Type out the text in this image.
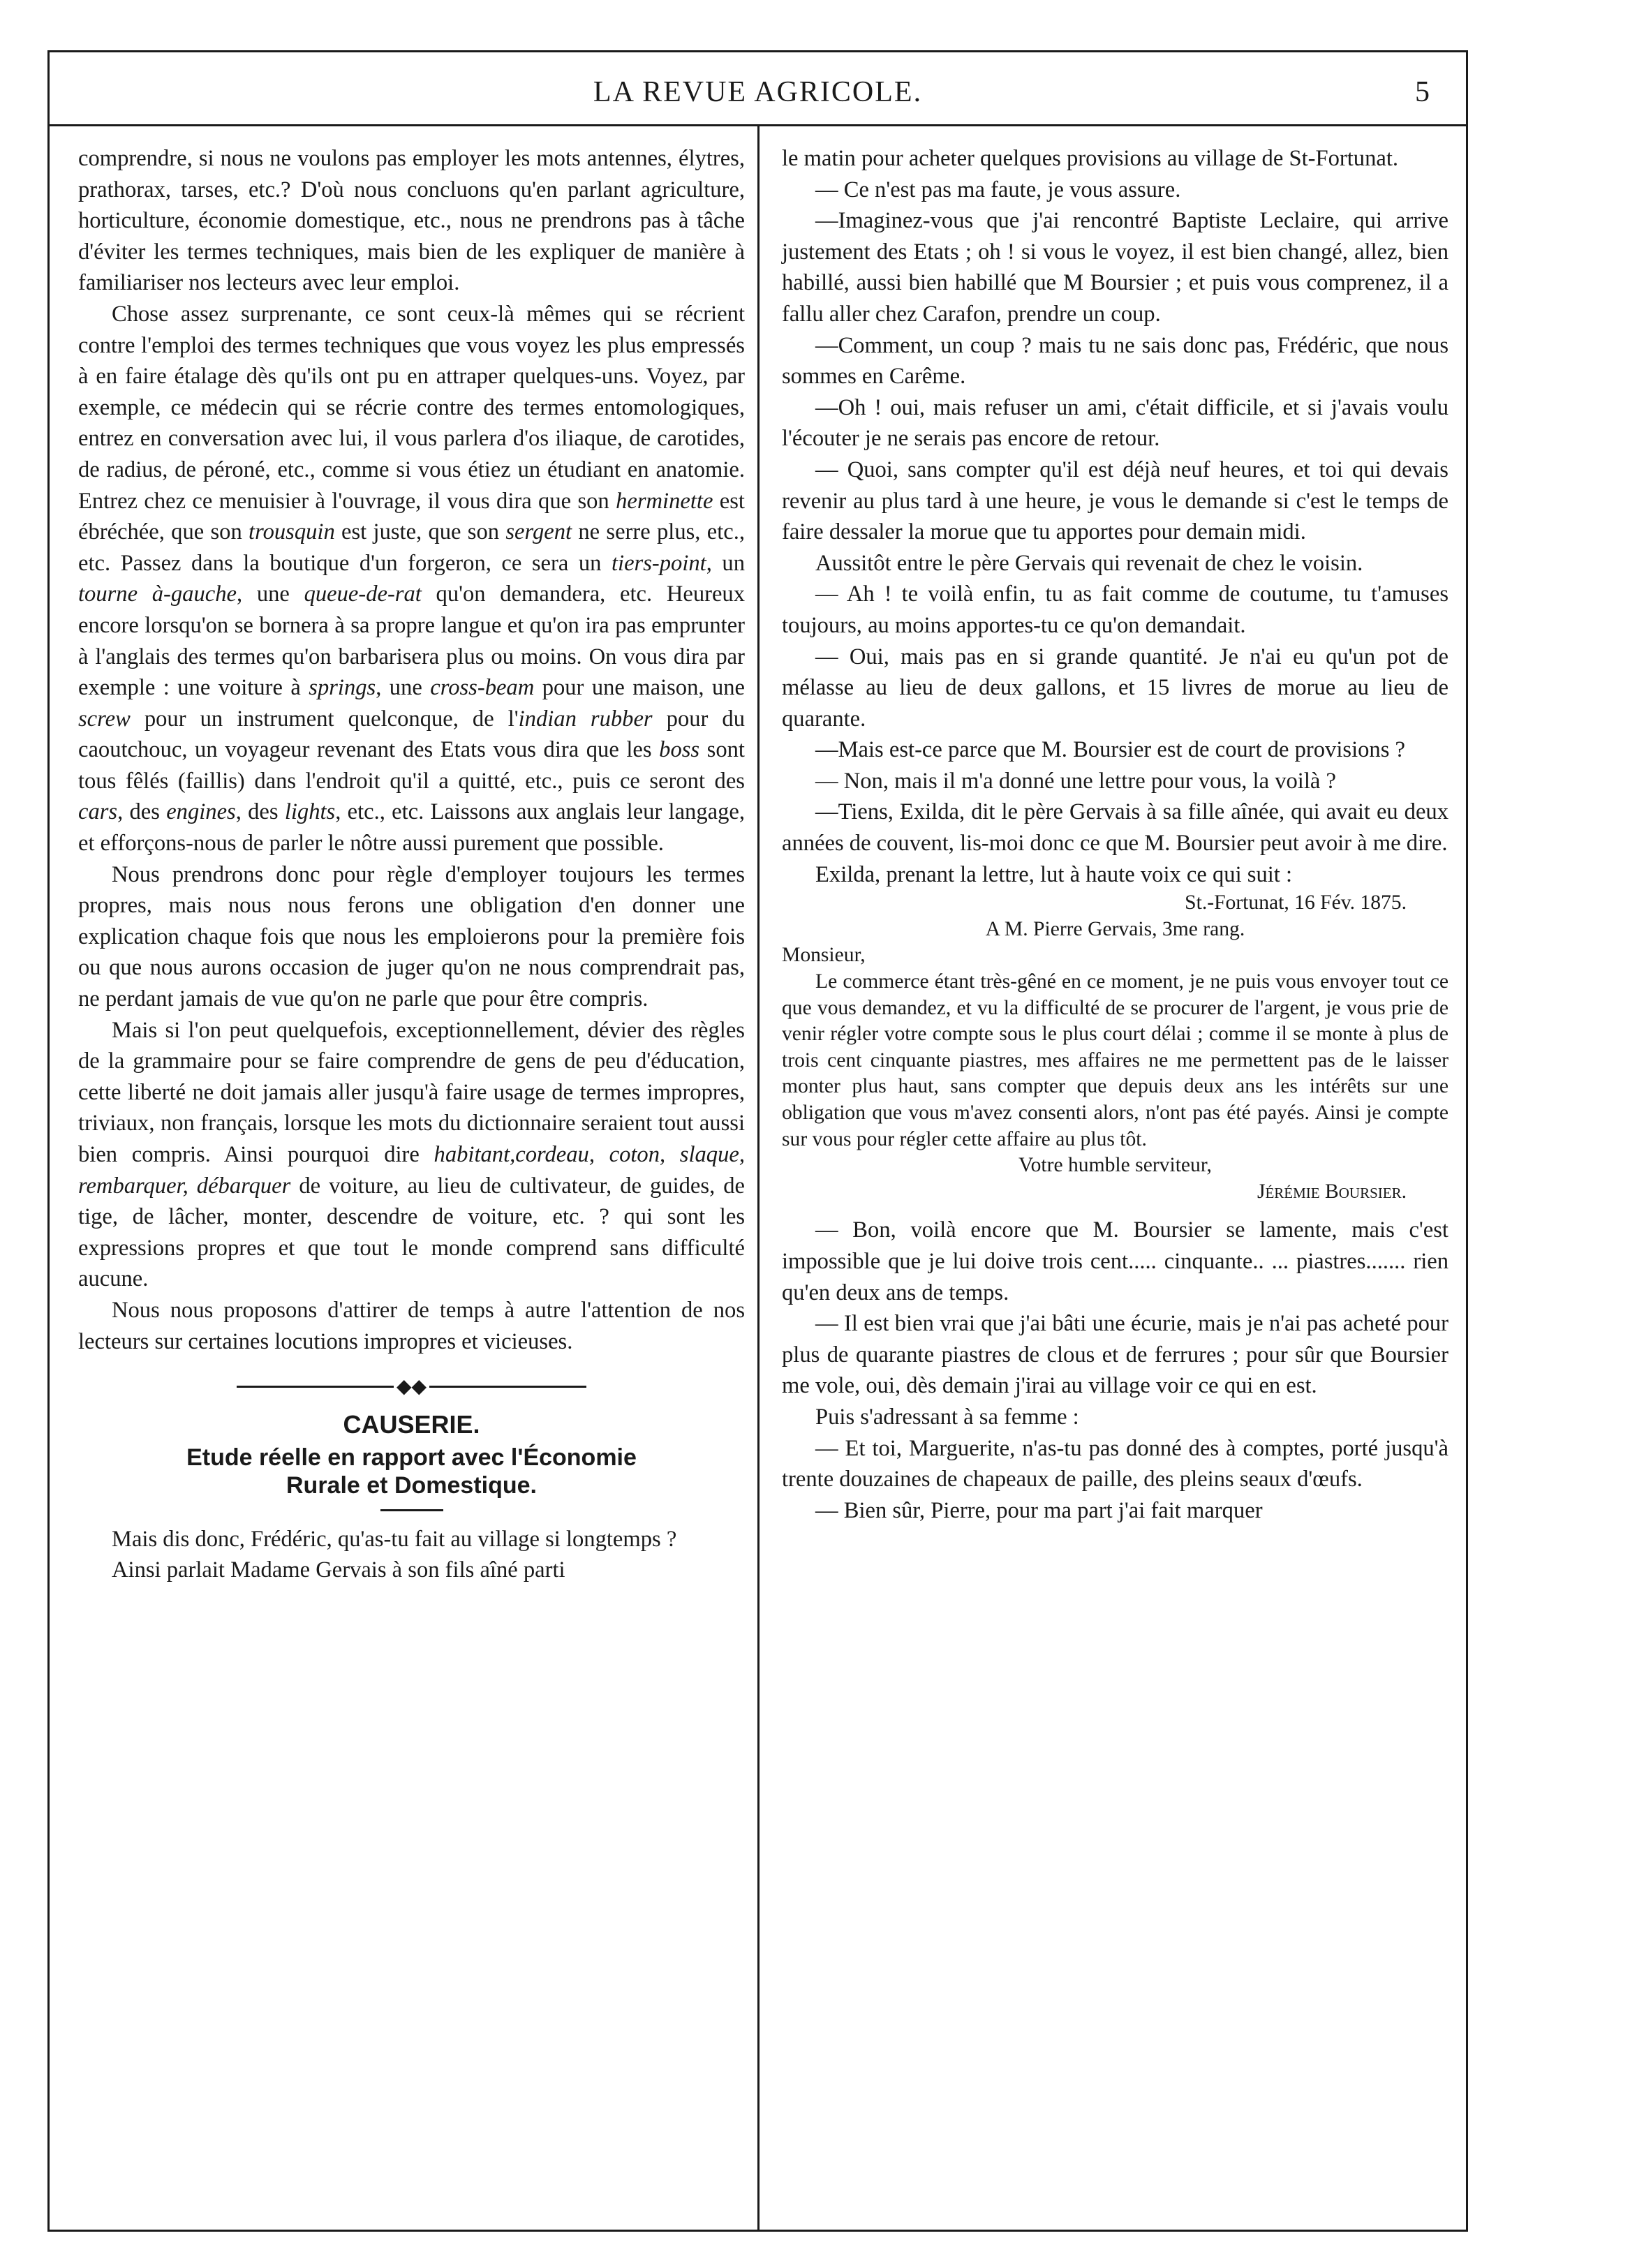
LA REVUE AGRICOLE.	5

comprendre, si nous ne voulons pas employer les mots antennes, élytres, prathorax, tarses, etc.? D'où nous concluons qu'en parlant agriculture, horticulture, économie domestique, etc., nous ne prendrons pas à tâche d'éviter les termes techniques, mais bien de les expliquer de manière à familiariser nos lecteurs avec leur emploi.

Chose assez surprenante, ce sont ceux-là mêmes qui se récrient contre l'emploi des termes techniques que vous voyez les plus empressés à en faire étalage dès qu'ils ont pu en attraper quelques-uns. Voyez, par exemple, ce médecin qui se récrie contre des termes entomologiques, entrez en conversation avec lui, il vous parlera d'os iliaque, de carotides, de radius, de péroné, etc., comme si vous étiez un étudiant en anatomie. Entrez chez ce menuisier à l'ouvrage, il vous dira que son herminette est ébréchée, que son trousquin est juste, que son sergent ne serre plus, etc., etc. Passez dans la boutique d'un forgeron, ce sera un tiers-point, un tourne à-gauche, une queue-de-rat qu'on demandera, etc. Heureux encore lorsqu'on se bornera à sa propre langue et qu'on ira pas emprunter à l'anglais des termes qu'on barbarisera plus ou moins. On vous dira par exemple : une voiture à springs, une cross-beam pour une maison, une screw pour un instrument quelconque, de l'indian rubber pour du caoutchouc, un voyageur revenant des Etats vous dira que les boss sont tous fêlés (faillis) dans l'endroit qu'il a quitté, etc., puis ce seront des cars, des engines, des lights, etc., etc. Laissons aux anglais leur langage, et efforçons-nous de parler le nôtre aussi purement que possible.

Nous prendrons donc pour règle d'employer toujours les termes propres, mais nous nous ferons une obligation d'en donner une explication chaque fois que nous les emploierons pour la première fois ou que nous aurons occasion de juger qu'on ne nous comprendrait pas, ne perdant jamais de vue qu'on ne parle que pour être compris.

Mais si l'on peut quelquefois, exceptionnellement, dévier des règles de la grammaire pour se faire comprendre de gens de peu d'éducation, cette liberté ne doit jamais aller jusqu'à faire usage de termes impropres, triviaux, non français, lorsque les mots du dictionnaire seraient tout aussi bien compris. Ainsi pourquoi dire habitant,cordeau, coton, slaque, rembarquer, débarquer de voiture, au lieu de cultivateur, de guides, de tige, de lâcher, monter, descendre de voiture, etc. ? qui sont les expressions propres et que tout le monde comprend sans difficulté aucune.

Nous nous proposons d'attirer de temps à autre l'attention de nos lecteurs sur certaines locutions impropres et vicieuses.

◆◆
CAUSERIE.
Etude réelle en rapport avec l'Économie
Rurale et Domestique.

Mais dis donc, Frédéric, qu'as-tu fait au village si longtemps ?

Ainsi parlait Madame Gervais à son fils aîné parti

le matin pour acheter quelques provisions au village de St-Fortunat.

— Ce n'est pas ma faute, je vous assure.

—Imaginez-vous que j'ai rencontré Baptiste Leclaire, qui arrive justement des Etats ; oh ! si vous le voyez, il est bien changé, allez, bien habillé, aussi bien habillé que M Boursier ; et puis vous comprenez, il a fallu aller chez Carafon, prendre un coup.

—Comment, un coup ? mais tu ne sais donc pas, Frédéric, que nous sommes en Carême.

—Oh ! oui, mais refuser un ami, c'était difficile, et si j'avais voulu l'écouter je ne serais pas encore de retour.

— Quoi, sans compter qu'il est déjà neuf heures, et toi qui devais revenir au plus tard à une heure, je vous le demande si c'est le temps de faire dessaler la morue que tu apportes pour demain midi.

Aussitôt entre le père Gervais qui revenait de chez le voisin.

— Ah ! te voilà enfin, tu as fait comme de coutume, tu t'amuses toujours, au moins apportes-tu ce qu'on demandait.

— Oui, mais pas en si grande quantité. Je n'ai eu qu'un pot de mélasse au lieu de deux gallons, et 15 livres de morue au lieu de quarante.

—Mais est-ce parce que M. Boursier est de court de provisions ?

— Non, mais il m'a donné une lettre pour vous, la voilà ?

—Tiens, Exilda, dit le père Gervais à sa fille aînée, qui avait eu deux années de couvent, lis-moi donc ce que M. Boursier peut avoir à me dire.

Exilda, prenant la lettre, lut à haute voix ce qui suit :

St.-Fortunat, 16 Fév. 1875.

A M. Pierre Gervais, 3me rang.

Monsieur,

Le commerce étant très-gêné en ce moment, je ne puis vous envoyer tout ce que vous demandez, et vu la difficulté de se procurer de l'argent, je vous prie de venir régler votre compte sous le plus court délai ; comme il se monte à plus de trois cent cinquante piastres, mes affaires ne me permettent pas de le laisser monter plus haut, sans compter que depuis deux ans les intérêts sur une obligation que vous m'avez consenti alors, n'ont pas été payés. Ainsi je compte sur vous pour régler cette affaire au plus tôt.

Votre humble serviteur,

Jérémie Boursier.

— Bon, voilà encore que M. Boursier se lamente, mais c'est impossible que je lui doive trois cent..... cinquante.. ... piastres....... rien qu'en deux ans de temps.

— Il est bien vrai que j'ai bâti une écurie, mais je n'ai pas acheté pour plus de quarante piastres de clous et de ferrures ; pour sûr que Boursier me vole, oui, dès demain j'irai au village voir ce qui en est.

Puis s'adressant à sa femme :

— Et toi, Marguerite, n'as-tu pas donné des à comptes, porté jusqu'à trente douzaines de chapeaux de paille, des pleins seaux d'œufs.

— Bien sûr, Pierre, pour ma part j'ai fait marquer
